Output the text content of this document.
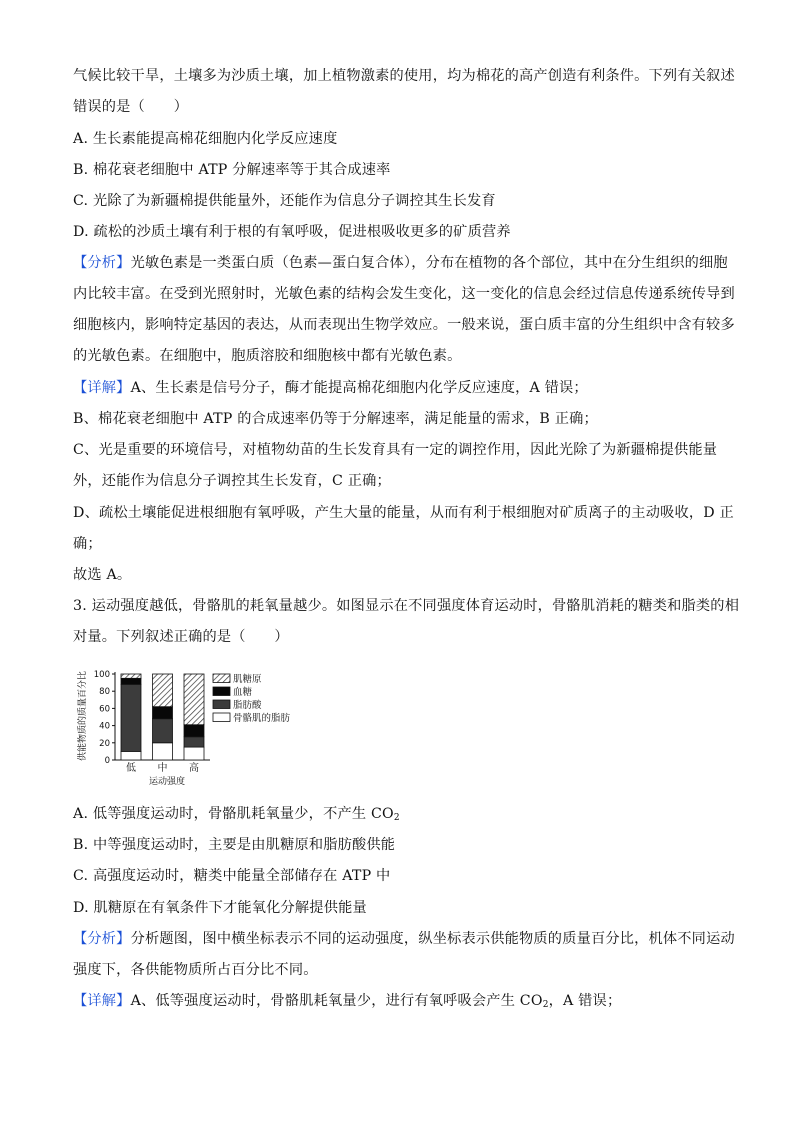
气候比较干旱，土壤多为沙质土壤，加上植物激素的使用，均为棉花的高产创造有利条件。下列有关叙述
错误的是（　　）
A. 生长素能提高棉花细胞内化学反应速度
B. 棉花衰老细胞中 ATP 分解速率等于其合成速率
C. 光除了为新疆棉提供能量外，还能作为信息分子调控其生长发育
D. 疏松的沙质土壤有利于根的有氧呼吸，促进根吸收更多的矿质营养
【分析】光敏色素是一类蛋白质（色素—蛋白复合体），分布在植物的各个部位，其中在分生组织的细胞
内比较丰富。在受到光照射时，光敏色素的结构会发生变化，这一变化的信息会经过信息传递系统传导到
细胞核内，影响特定基因的表达，从而表现出生物学效应。一般来说，蛋白质丰富的分生组织中含有较多
的光敏色素。在细胞中，胞质溶胶和细胞核中都有光敏色素。
【详解】A、生长素是信号分子，酶才能提高棉花细胞内化学反应速度，A 错误；
B、棉花衰老细胞中 ATP 的合成速率仍等于分解速率，满足能量的需求，B 正确；
C、光是重要的环境信号，对植物幼苗的生长发育具有一定的调控作用，因此光除了为新疆棉提供能量
外，还能作为信息分子调控其生长发育，C 正确；
D、疏松土壤能促进根细胞有氧呼吸，产生大量的能量，从而有利于根细胞对矿质离子的主动吸收，D 正
确；
故选 A。
3. 运动强度越低，骨骼肌的耗氧量越少。如图显示在不同强度体育运动时，骨骼肌消耗的糖类和脂类的相
对量。下列叙述正确的是（　　）
供能物质的质量百分比 0
20
40
60
80
100
低 中 高
运动强度
肌糖原
血糖
脂肪酸
骨骼肌的脂肪
A. 低等强度运动时，骨骼肌耗氧量少，不产生 $CO_2$
B. 中等强度运动时，主要是由肌糖原和脂肪酸供能
C. 高强度运动时，糖类中能量全部储存在 ATP 中
D. 肌糖原在有氧条件下才能氧化分解提供能量
【分析】分析题图，图中横坐标表示不同的运动强度，纵坐标表示供能物质的质量百分比，机体不同运动
强度下，各供能物质所占百分比不同。
【详解】A、低等强度运动时，骨骼肌耗氧量少，进行有氧呼吸会产生 $CO_2$，A 错误；
